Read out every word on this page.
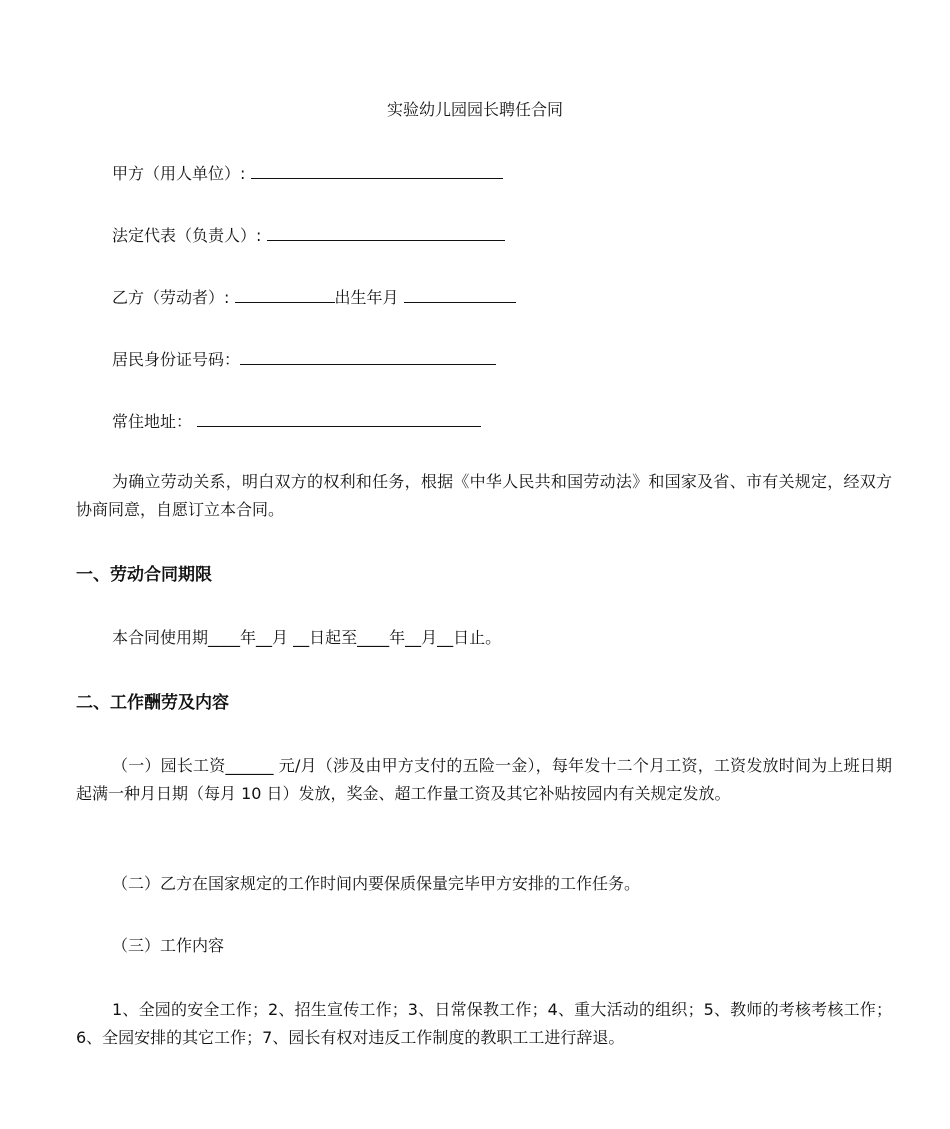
实验幼儿园园长聘任合同
甲方（用人单位）:
法定代表（负责人）:
乙方（劳动者）:	出生年月
居民身份证号码：
常住地址：
为确立劳动关系，明白双方的权利和任务，根据《中华人民共和国劳动法》和国家及省、市有关规定，经双方协商同意，自愿订立本合同。
一、劳动合同期限
本合同使用期____年__月 __日起至____年__月__日止。
二、工作酬劳及内容
（一）园长工资______ 元/月（涉及由甲方支付的五险一金），每年发十二个月工资，工资发放时间为上班日期起满一种月日期（每月 10 日）发放，奖金、超工作量工资及其它补贴按园内有关规定发放。
（二）乙方在国家规定的工作时间内要保质保量完毕甲方安排的工作任务。
（三）工作内容
1、全园的安全工作；2、招生宣传工作；3、日常保教工作；4、重大活动的组织；5、教师的考核考核工作；6、全园安排的其它工作；7、园长有权对违反工作制度的教职工工进行辞退。
